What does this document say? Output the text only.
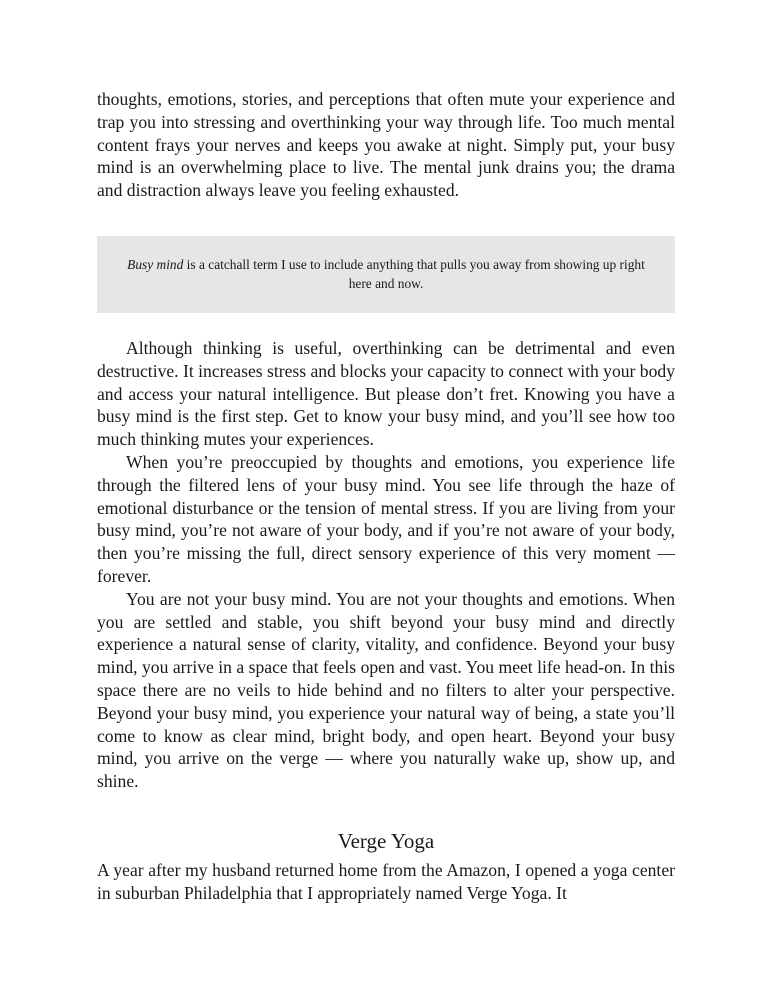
thoughts, emotions, stories, and perceptions that often mute your experience and trap you into stressing and overthinking your way through life. Too much mental content frays your nerves and keeps you awake at night. Simply put, your busy mind is an overwhelming place to live. The mental junk drains you; the drama and distraction always leave you feeling exhausted.

Busy mind is a catchall term I use to include anything that pulls you away from showing up right here and now.

Although thinking is useful, overthinking can be detrimental and even destructive. It increases stress and blocks your capacity to connect with your body and access your natural intelligence. But please don’t fret. Knowing you have a busy mind is the first step. Get to know your busy mind, and you’ll see how too much thinking mutes your experiences.

When you’re preoccupied by thoughts and emotions, you experience life through the filtered lens of your busy mind. You see life through the haze of emotional disturbance or the tension of mental stress. If you are living from your busy mind, you’re not aware of your body, and if you’re not aware of your body, then you’re missing the full, direct sensory experience of this very moment — forever.

You are not your busy mind. You are not your thoughts and emotions. When you are settled and stable, you shift beyond your busy mind and directly experience a natural sense of clarity, vitality, and confidence. Beyond your busy mind, you arrive in a space that feels open and vast. You meet life head-on. In this space there are no veils to hide behind and no filters to alter your perspective. Beyond your busy mind, you experience your natural way of being, a state you’ll come to know as clear mind, bright body, and open heart. Beyond your busy mind, you arrive on the verge — where you naturally wake up, show up, and shine.

Verge Yoga

A year after my husband returned home from the Amazon, I opened a yoga center in suburban Philadelphia that I appropriately named Verge Yoga. It
